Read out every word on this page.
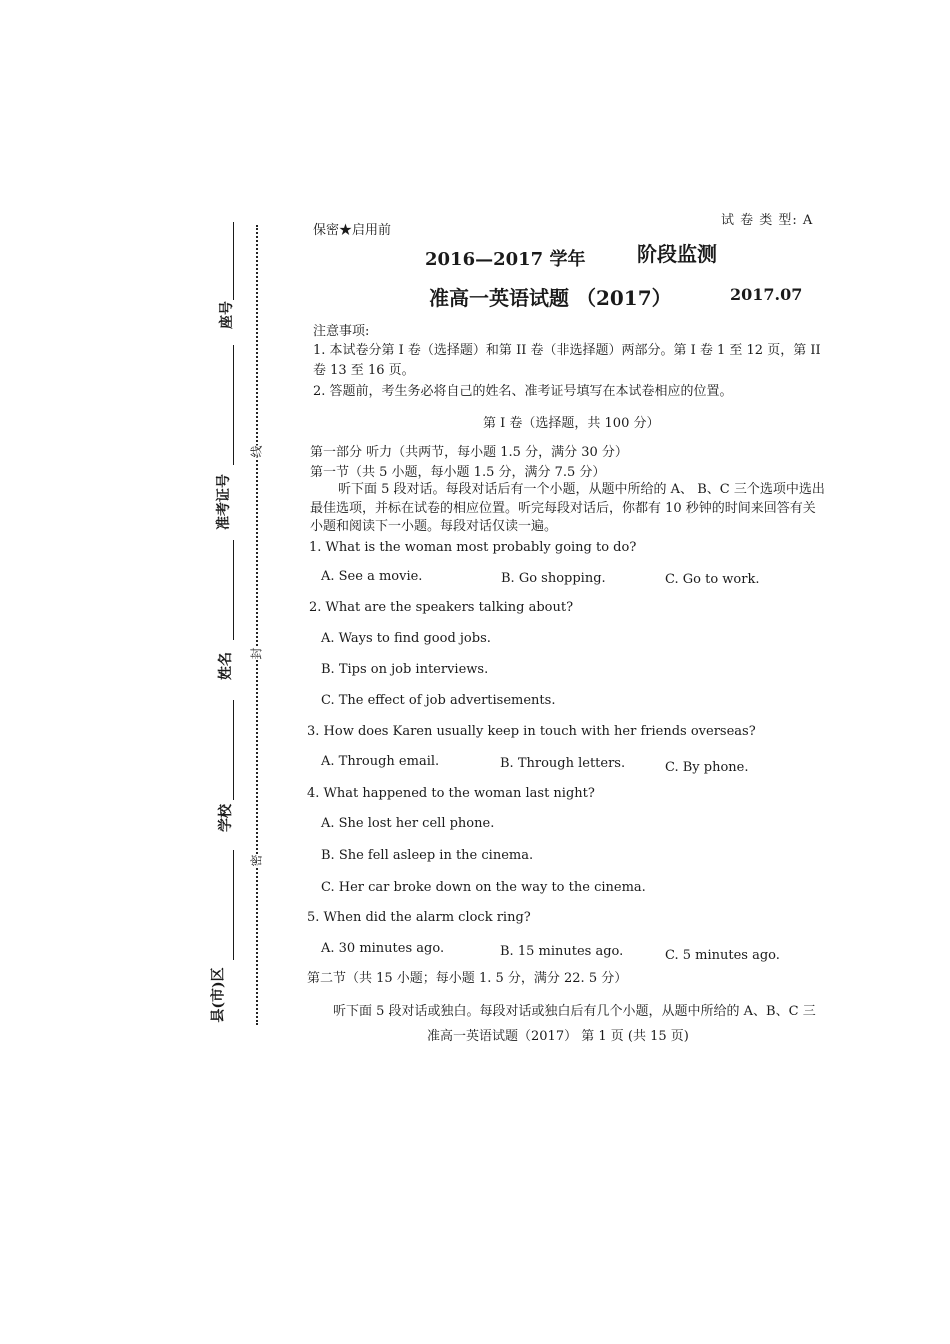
座号
准考证号
姓名
学校
县(市)区
线
封
密
保密★启用前
试 卷 类 型: A
2016—2017 学年	阶段监测
准高一英语试题 （2017）	2017.07
注意事项:
1. 本试卷分第 I 卷（选择题）和第 II 卷（非选择题）两部分。第 I 卷 1 至 12 页，第 II
卷 13 至 16 页。
2. 答题前，考生务必将自己的姓名、准考证号填写在本试卷相应的位置。
第 I 卷（选择题，共 100 分）
第一部分 听力（共两节，每小题 1.5 分，满分 30 分）
第一节（共 5 小题，每小题 1.5 分，满分 7.5 分）
听下面 5 段对话。每段对话后有一个小题，从题中所给的 A、 B、C 三个选项中选出
最佳选项，并标在试卷的相应位置。听完每段对话后，你都有 10 秒钟的时间来回答有关
小题和阅读下一小题。每段对话仅读一遍。
1. What is the woman most probably going to do?
A. See a movie.	B. Go shopping.	C. Go to work.
2. What are the speakers talking about?
A. Ways to find good jobs.
B. Tips on job interviews.
C. The effect of job advertisements.
3. How does Karen usually keep in touch with her friends overseas?
A. Through email.	B. Through letters.	C. By phone.
4. What happened to the woman last night?
A. She lost her cell phone.
B. She fell asleep in the cinema.
C. Her car broke down on the way to the cinema.
5. When did the alarm clock ring?
A. 30 minutes ago.	B. 15 minutes ago.	C. 5 minutes ago.
第二节（共 15 小题；每小题 1. 5 分，满分 22. 5 分）
听下面 5 段对话或独白。每段对话或独白后有几个小题，从题中所给的 A、B、C 三
准高一英语试题（2017） 第 1 页 (共 15 页)
